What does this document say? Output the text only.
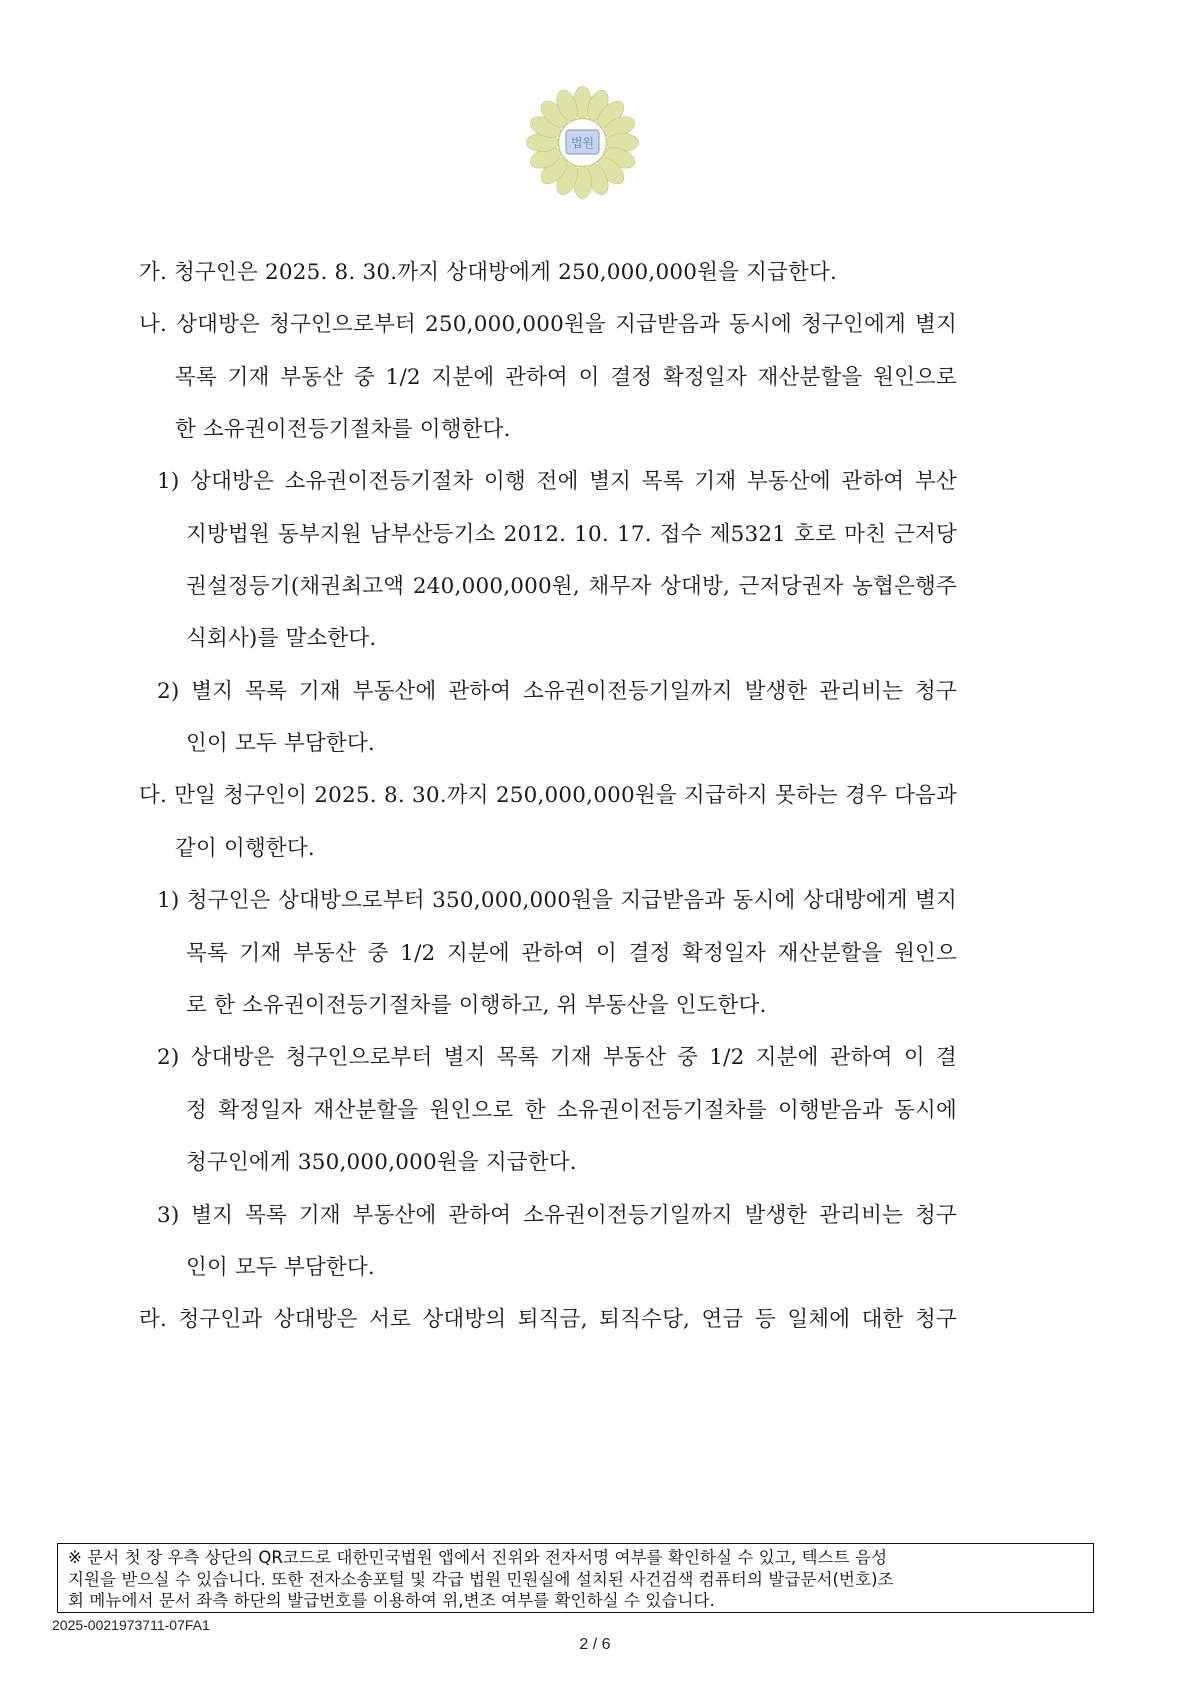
법원
가. 청구인은 2025. 8. 30.까지 상대방에게 250,000,000원을 지급한다.
나. 상대방은 청구인으로부터 250,000,000원을 지급받음과 동시에 청구인에게 별지
목록 기재 부동산 중 1/2 지분에 관하여 이 결정 확정일자 재산분할을 원인으로
한 소유권이전등기절차를 이행한다.
1) 상대방은 소유권이전등기절차 이행 전에 별지 목록 기재 부동산에 관하여 부산
지방법원 동부지원 남부산등기소 2012. 10. 17. 접수 제5321 호로 마친 근저당
권설정등기(채권최고액 240,000,000원, 채무자 상대방, 근저당권자 농협은행주
식회사)를 말소한다.
2) 별지 목록 기재 부동산에 관하여 소유권이전등기일까지 발생한 관리비는 청구
인이 모두 부담한다.
다. 만일 청구인이 2025. 8. 30.까지 250,000,000원을 지급하지 못하는 경우 다음과
같이 이행한다.
1) 청구인은 상대방으로부터 350,000,000원을 지급받음과 동시에 상대방에게 별지
목록 기재 부동산 중 1/2 지분에 관하여 이 결정 확정일자 재산분할을 원인으
로 한 소유권이전등기절차를 이행하고, 위 부동산을 인도한다.
2) 상대방은 청구인으로부터 별지 목록 기재 부동산 중 1/2 지분에 관하여 이 결
정 확정일자 재산분할을 원인으로 한 소유권이전등기절차를 이행받음과 동시에
청구인에게 350,000,000원을 지급한다.
3) 별지 목록 기재 부동산에 관하여 소유권이전등기일까지 발생한 관리비는 청구
인이 모두 부담한다.
라. 청구인과 상대방은 서로 상대방의 퇴직금, 퇴직수당, 연금 등 일체에 대한 청구
※ 문서 첫 장 우측 상단의 QR코드로 대한민국법원 앱에서 진위와 전자서명 여부를 확인하실 수 있고, 텍스트 음성
지원을 받으실 수 있습니다. 또한 전자소송포털 및 각급 법원 민원실에 설치된 사건검색 컴퓨터의 발급문서(번호)조
회 메뉴에서 문서 좌측 하단의 발급번호를 이용하여 위,변조 여부를 확인하실 수 있습니다.
2025-0021973711-07FA1
2 / 6
